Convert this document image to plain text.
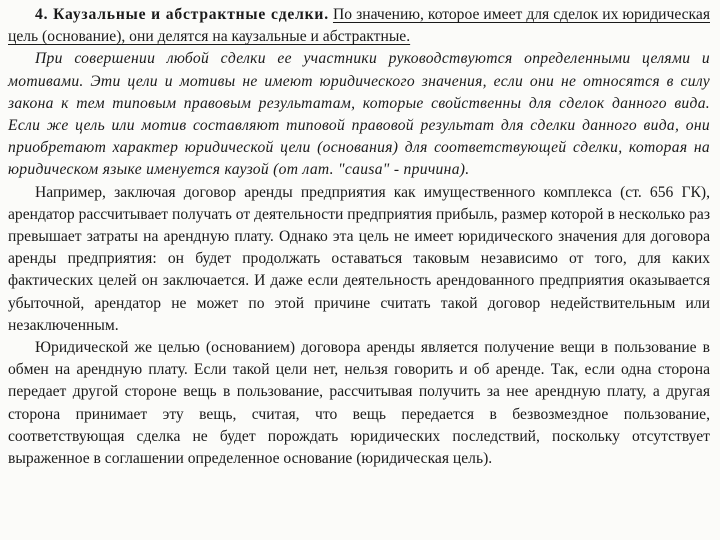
4. Каузальные и абстрактные сделки. По значению, которое имеет для сделок их юридическая цель (основание), они делятся на каузальные и абстрактные.

При совершении любой сделки ее участники руководствуются определенными целями и мотивами. Эти цели и мотивы не имеют юридического значения, если они не относятся в силу закона к тем типовым правовым результатам, которые свойственны для сделок данного вида. Если же цель или мотив составляют типовой правовой результат для сделки данного вида, они приобретают характер юридической цели (основания) для соответствующей сделки, которая на юридическом языке именуется каузой (от лат. "causa" - причина).

Например, заключая договор аренды предприятия как имущественного комплекса (ст. 656 ГК), арендатор рассчитывает получать от деятельности предприятия прибыль, размер которой в несколько раз превышает затраты на арендную плату. Однако эта цель не имеет юридического значения для договора аренды предприятия: он будет продолжать оставаться таковым независимо от того, для каких фактических целей он заключается. И даже если деятельность арендованного предприятия оказывается убыточной, арендатор не может по этой причине считать такой договор недействительным или незаключенным.

Юридической же целью (основанием) договора аренды является получение вещи в пользование в обмен на арендную плату. Если такой цели нет, нельзя говорить и об аренде. Так, если одна сторона передает другой стороне вещь в пользование, рассчитывая получить за нее арендную плату, а другая сторона принимает эту вещь, считая, что вещь передается в безвозмездное пользование, соответствующая сделка не будет порождать юридических последствий, поскольку отсутствует выраженное в соглашении определенное основание (юридическая цель).
